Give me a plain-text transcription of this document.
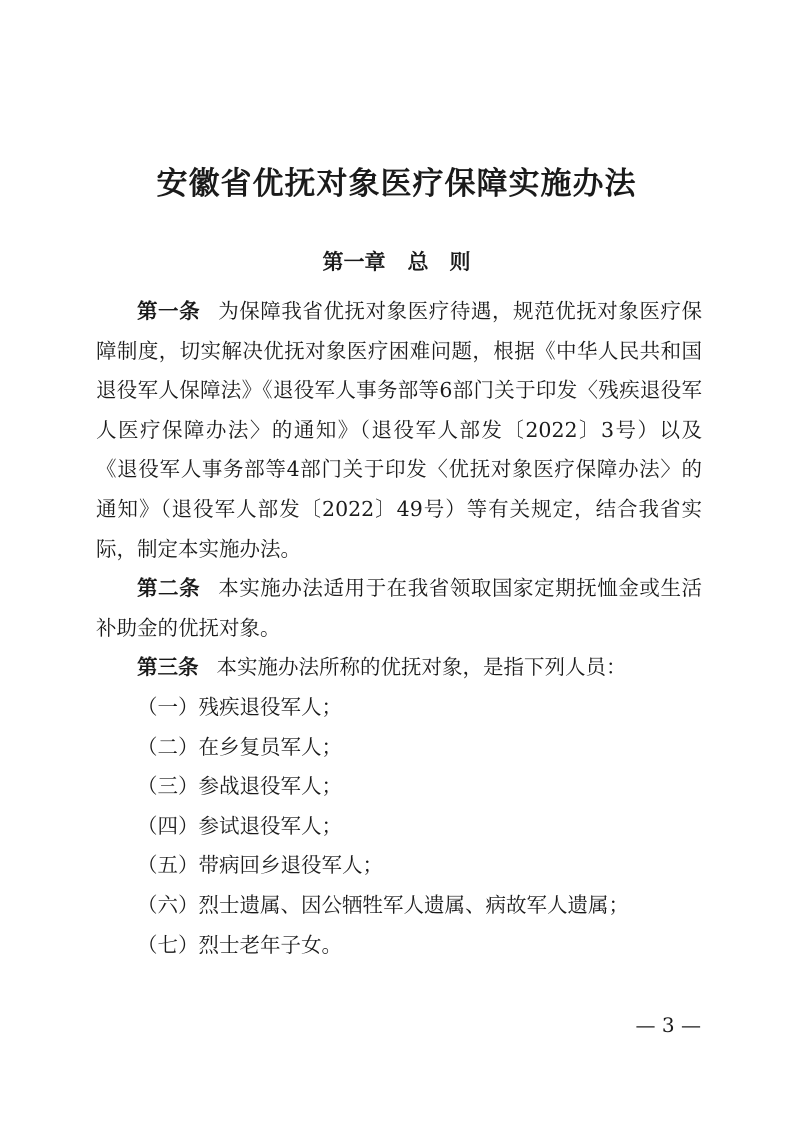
安徽省优抚对象医疗保障实施办法
第一章 总　则

第一条 为保障我省优抚对象医疗待遇，规范优抚对象医疗保障制度，切实解决优抚对象医疗困难问题，根据《中华人民共和国退役军人保障法》《退役军人事务部等6部门关于印发〈残疾退役军人医疗保障办法〉的通知》（退役军人部发〔2022〕3号）以及《退役军人事务部等4部门关于印发〈优抚对象医疗保障办法〉的通知》（退役军人部发〔2022〕49号）等有关规定，结合我省实际，制定本实施办法。

第二条 本实施办法适用于在我省领取国家定期抚恤金或生活补助金的优抚对象。

第三条 本实施办法所称的优抚对象，是指下列人员：

（一）残疾退役军人；

（二）在乡复员军人；

（三）参战退役军人；

（四）参试退役军人；

（五）带病回乡退役军人；

（六）烈士遗属、因公牺牲军人遗属、病故军人遗属；

（七）烈士老年子女。

— 3 —
